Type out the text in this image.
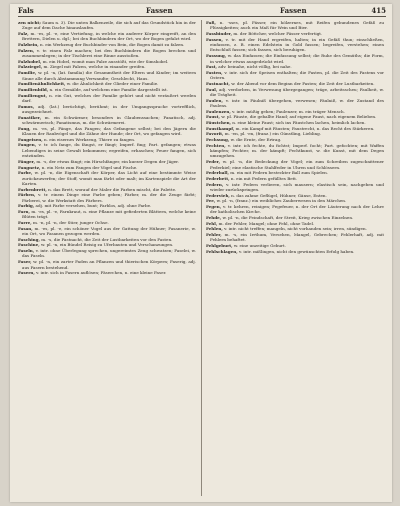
Fals	Fassen	Fassen	415

zen nicht; Saum n. 3). Die unten Balkenzeile, die sich auf das Grundstück hin in der Zuge auf dem Dache hinauslaufen.

Falz, m. -es, pl. -e, eine Vertiefung, in welche ein anderer Körper eingreift, an den Brettern, Dielen u. dgl.; bei den Buchbindern der Ort, wo der Bogen gefalzt wird.

Falzbein, n. ein Werkzeug der Buchbinder von Bein, die Bogen damit zu falzen.

Falzen, v. tr. einen Falz machen; bei den Buchbindern die Bogen brechen und zusammenlegen; in der Tischlerei eine Rinne ausstoßen.

Falzhobel, m. ein Hobel, womit man Falze ausstößt, wie der Simshobel.

Falzziegel, m. Ziegel mit Falzen, welche in einander greifen.

Familie, w. pl. -n, (lat. familia) die Gesammtheit der Eltern und Kinder; im weitern Sinne alle durch Abstammung Verwandte; Geschlecht, Haus.

Familienähnlichkeit, w. die Ähnlichkeit der Glieder einer Familie.

Familienbild, n. ein Gemälde, auf welchem eine Familie dargestellt ist.

Familiengut, n. ein Gut, welches der Familie gehört und nicht veräußert werden darf.

Famos, adj. (lat.) berüchtigt, berühmt; in der Umgangssprache vortrefflich, ausgezeichnet.

Fanatiker, m. ein Schwärmer, besonders in Glaubenssachen; Fanatisch, adj. schwärmerisch; Fanatismus, m. die Schwärmerei.

Fang, m. -es, pl. Fänge, das Fangen; das Gefangene selbst; bei den Jägern die Klauen der Raubvögel und die Zähne der Hunde; der Ort, wo gefangen wird.

Fangeisen, n. ein eisernes Werkzeug, Thiere zu fangen.

Fangen, v. tr. ich fange, du fängst, er fängt; Imperf. fing; Part. gefangen; etwas Lebendiges in seine Gewalt bekommen; ergreifen, erhaschen; Feuer fangen, sich entzünden.

Fänger, m. -s, der etwas fängt; ein Hirschfänger, ein kurzer Degen der Jäger.

Fangnetz, n. ein Netz zum Fangen der Vögel und Fische.

Farbe, w. pl. -n, die Eigenschaft der Körper, das Licht auf eine bestimmte Weise zurückzuwerfen; der Stoff, womit man färbt oder malt; im Kartenspiele die Art der Karten.

Farbenbrett, n. das Brett, worauf der Maler die Farben mischt, die Palette.

Färben, v. tr. einem Dinge eine Farbe geben; Färber, m. der die Zeuge färbt; Färberei, w. die Werkstatt des Färbers.

Farbig, adj. mit Farbe versehen, bunt; Farblos, adj. ohne Farbe.

Farn, m. -es, pl. -e, Farnkraut, n. eine Pflanze mit gefiederten Blättern, welche keine Blüten trägt.

Farre, m. -n, pl. -n, der Stier, junger Ochse.

Fasan, m. -es, pl. -e, ein schöner Vogel aus der Gattung der Hühner; Fasanerie, w. ein Ort, wo Fasanen gezogen werden.

Fasching, m. -s, die Fastnacht, die Zeit der Lustbarkeiten vor den Fasten.

Faschine, w. pl. -n, ein Bündel Reisig zu Uferbauten und Verschanzungen.

Faseln, v. intr. ohne Überlegung sprechen, ungereimtes Zeug schwatzen; Faselei, w. das Faseln.

Faser, w. pl. -n, ein zarter Faden an Pflanzen und thierischen Körpern; Faserig, adj. aus Fasern bestehend.

Fasern, v. intr. sich in Fasern auflösen; Fäserchen, n. eine kleine Faser.

Faß, n. -sses, pl. Fässer, ein hölzernes, mit Reifen gebundenes Gefäß zu Flüssigkeiten; auch ein Maß für Wein und Bier.

Fassbinder, m. der Böttcher, welcher Fässer verfertigt.

Fassen, v. tr. mit der Hand ergreifen, halten; in ein Gefäß thun; einschließen, einfassen, z. B. einen Edelstein in Gold fassen; begreifen, verstehen; einen Entschluß fassen; sich fassen, sich beruhigen.

Fassung, w. das Einfassen; die Einfassung selbst; die Ruhe des Gemüths; die Form, in welcher etwas ausgedrückt wird.

Fast, adv. beinahe, nicht völlig, bei nahe.

Fasten, v. intr. sich der Speisen enthalten; die Fasten, pl. die Zeit des Fastens vor Ostern.

Fastnacht, w. der Abend vor dem Beginn der Fasten; die Zeit der Lustbarkeiten.

Faul, adj. verdorben, in Verwesung übergegangen; träge, arbeitsscheu; Faulheit, w. die Trägheit.

Faulen, v. intr. in Fäulniß übergehen, verwesen; Fäulniß, w. der Zustand des Faulens.

Faulenzen, v. intr. müßig gehen; Faulenzer, m. ein träger Mensch.

Faust, w. pl. Fäuste, die geballte Hand; auf eigene Faust, nach eigenem Belieben.

Fäustchen, n. eine kleine Faust; sich ins Fäustchen lachen, heimlich lachen.

Faustkampf, m. ein Kampf mit Fäusten; Faustrecht, n. das Recht des Stärkeren.

Favorit, m. -en, pl. -en, (franz.) ein Günstling, Liebling.

Fechsung, w. die Ernte, der Ertrag.

Fechten, v. intr. ich fechte, du fichtst; Imperf. focht; Part. gefochten; mit Waffen kämpfen; Fechter, m. der kämpft; Fechtkunst, w. die Kunst, mit dem Degen umzugehen.

Feder, w. pl. -n, die Bedeckung der Vögel; ein zum Schreiben zugeschnittener Federkiel; eine elastische Stahlfeder in Uhren und Schlössern.

Federball, m. ein mit Federn besteckter Ball zum Spielen.

Federbett, n. ein mit Federn gefülltes Bett.

Federn, v. intr. Federn verlieren, sich mausern; elastisch sein, nachgeben und wieder zurückspringen.

Federvieh, n. das zahme Geflügel, Hühner, Gänse, Enten.

Fee, w. pl. -n, (franz.) ein weibliches Zauberwesen in den Märchen.

Fegen, v. tr. kehren, reinigen; Fegefeuer, n. der Ort der Läuterung nach der Lehre der katholischen Kirche.

Fehde, w. pl. -n, die Feindschaft, der Streit, Krieg zwischen Einzelnen.

Fehl, m. der Fehler, Mangel; ohne Fehl, ohne Tadel.

Fehlen, v. intr. nicht treffen; mangeln, nicht vorhanden sein; irren, sündigen.

Fehler, m. -s, ein Irrthum, Versehen, Mangel, Gebrechen; Fehlerhaft, adj. mit Fehlern behaftet.

Fehlgeburt, w. eine unzeitige Geburt.

Fehlschlagen, v. intr. mißlingen, nicht den gewünschten Erfolg haben.
